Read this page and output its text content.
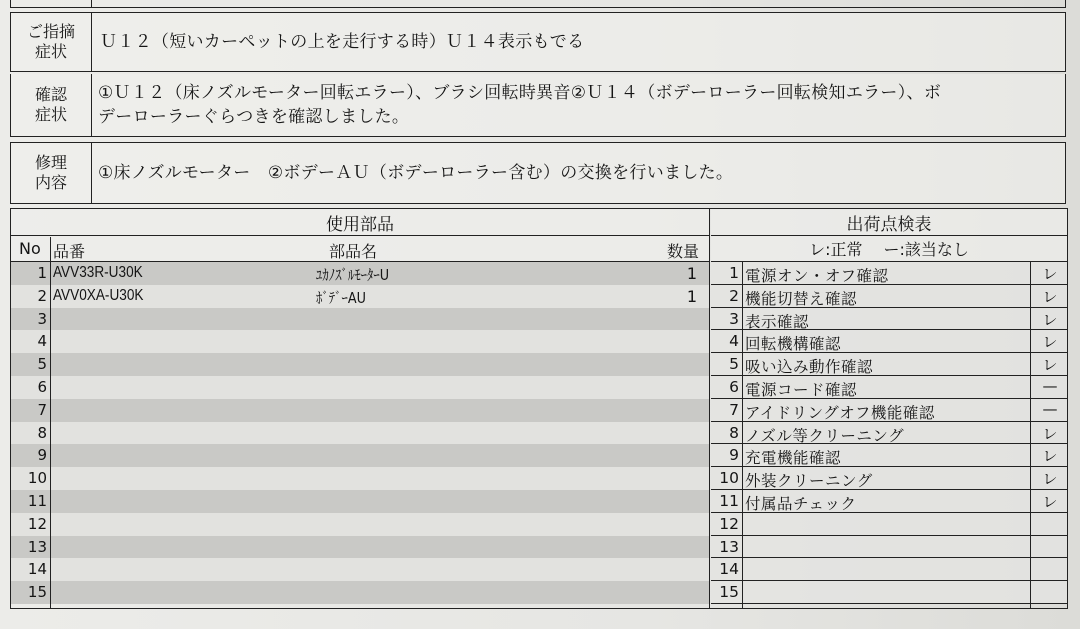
ご指摘
症状 Ｕ１２（短いカーペットの上を走行する時）Ｕ１４表示もでる
確認
症状
①Ｕ１２（床ノズルモーター回転エラー）、ブラシ回転時異音②Ｕ１４（ボデーローラー回転検知エラー）、ボ
デーローラーぐらつきを確認しました。
修理
内容 ①床ノズルモーター　②ボデーＡＵ（ボデーローラー含む）の交換を行いました。
使用部品
No 品番	部品名	数量
1 AVV33R-U30K	ﾕｶﾉｽﾞﾙﾓｰﾀｰU	1
2 AVV0XA-U30K	ﾎﾞﾃﾞｰAU	1
3
4
5
6
7
8
9
10
11
12
13
14
15
出荷点検表
レ:正常　 ー:該当なし
1 電源オン・オフ確認	レ
2 機能切替え確認	レ
3 表示確認	レ
4 回転機構確認	レ
5 吸い込み動作確認	レ
6 電源コード確認	—
7 アイドリングオフ機能確認	—
8 ノズル等クリーニング	レ
9 充電機能確認	レ
10 外装クリーニング	レ
11 付属品チェック	レ
12
13
14
15
